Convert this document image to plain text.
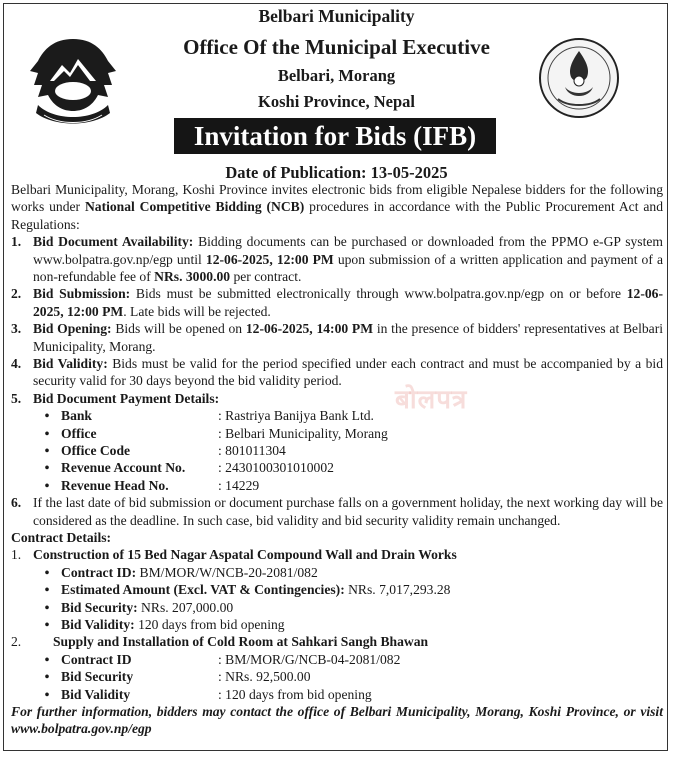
Belbari Municipality
Office Of the Municipal Executive
Belbari, Morang
Koshi Province, Nepal
Invitation for Bids (IFB)
Date of Publication: 13-05-2025
बोलपत्र

Belbari Municipality, Morang, Koshi Province invites electronic bids from eligible Nepalese bidders for the following works under National Competitive Bidding (NCB) procedures in accordance with the Public Procurement Act and Regulations:

1. Bid Document Availability: Bidding documents can be purchased or downloaded from the PPMO e-GP system www.bolpatra.gov.np/egp until 12-06-2025, 12:00 PM upon submission of a written application and payment of a non-refundable fee of NRs. 3000.00 per contract.
2. Bid Submission: Bids must be submitted electronically through www.bolpatra.gov.np/egp on or before 12-06-2025, 12:00 PM. Late bids will be rejected.
3. Bid Opening: Bids will be opened on 12-06-2025, 14:00 PM in the presence of bidders' representatives at Belbari Municipality, Morang.
4. Bid Validity: Bids must be valid for the period specified under each contract and must be accompanied by a bid security valid for 30 days beyond the bid validity period.
5. Bid Document Payment Details:
• Bank	: Rastriya Banijya Bank Ltd.
• Office	: Belbari Municipality, Morang
• Office Code	: 801011304
• Revenue Account No.	: 2430100301010002
• Revenue Head No.	: 14229
6. If the last date of bid submission or document purchase falls on a government holiday, the next working day will be considered as the deadline. In such case, bid validity and bid security validity remain unchanged.
Contract Details:
1. Construction of 15 Bed Nagar Aspatal Compound Wall and Drain Works
• Contract ID: BM/MOR/W/NCB-20-2081/082
• Estimated Amount (Excl. VAT & Contingencies): NRs. 7,017,293.28
• Bid Security: NRs. 207,000.00
• Bid Validity: 120 days from bid opening
2.	Supply and Installation of Cold Room at Sahkari Sangh Bhawan
• Contract ID	: BM/MOR/G/NCB-04-2081/082
• Bid Security	: NRs. 92,500.00
• Bid Validity	: 120 days from bid opening

For further information, bidders may contact the office of Belbari Municipality, Morang, Koshi Province, or visit www.bolpatra.gov.np/egp
